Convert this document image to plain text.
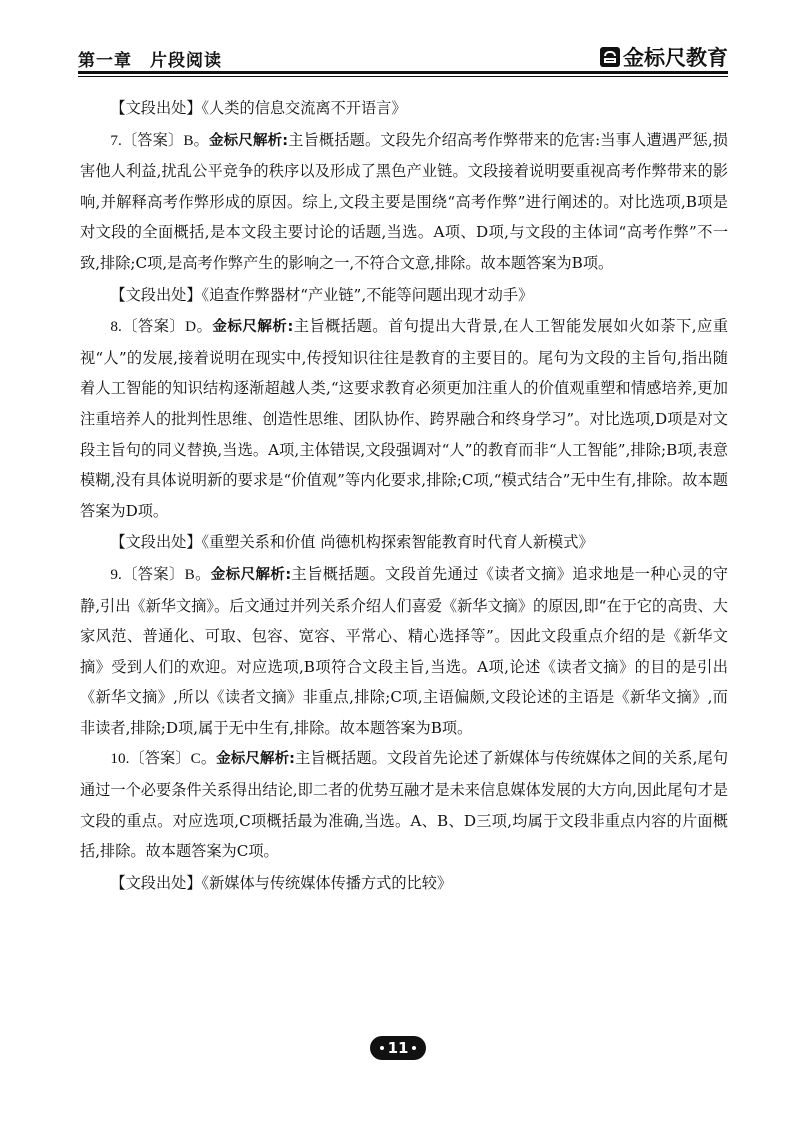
第一章 片段阅读	金标尺教育

【文段出处】《人类的信息交流离不开语言》

7.〔答案〕B。金标尺解析:主旨概括题。文段先介绍高考作弊带来的危害:当事人遭遇严惩,损害他人利益,扰乱公平竞争的秩序以及形成了黑色产业链。文段接着说明要重视高考作弊带来的影响,并解释高考作弊形成的原因。综上,文段主要是围绕“高考作弊”进行阐述的。对比选项,B项是对文段的全面概括,是本文段主要讨论的话题,当选。A项、D项,与文段的主体词“高考作弊”不一致,排除;C项,是高考作弊产生的影响之一,不符合文意,排除。故本题答案为B项。

【文段出处】《追查作弊器材“产业链”,不能等问题出现才动手》

8.〔答案〕D。金标尺解析:主旨概括题。首句提出大背景,在人工智能发展如火如荼下,应重视“人”的发展,接着说明在现实中,传授知识往往是教育的主要目的。尾句为文段的主旨句,指出随着人工智能的知识结构逐渐超越人类,“这要求教育必须更加注重人的价值观重塑和情感培养,更加注重培养人的批判性思维、创造性思维、团队协作、跨界融合和终身学习”。对比选项,D项是对文段主旨句的同义替换,当选。A项,主体错误,文段强调对“人”的教育而非“人工智能”,排除;B项,表意模糊,没有具体说明新的要求是“价值观”等内化要求,排除;C项,“模式结合”无中生有,排除。故本题答案为D项。

【文段出处】《重塑关系和价值 尚德机构探索智能教育时代育人新模式》

9.〔答案〕B。金标尺解析:主旨概括题。文段首先通过《读者文摘》追求地是一种心灵的守静,引出《新华文摘》。后文通过并列关系介绍人们喜爱《新华文摘》的原因,即“在于它的高贵、大家风范、普通化、可取、包容、宽容、平常心、精心选择等”。因此文段重点介绍的是《新华文摘》受到人们的欢迎。对应选项,B项符合文段主旨,当选。A项,论述《读者文摘》的目的是引出《新华文摘》,所以《读者文摘》非重点,排除;C项,主语偏颇,文段论述的主语是《新华文摘》,而非读者,排除;D项,属于无中生有,排除。故本题答案为B项。

10.〔答案〕C。金标尺解析:主旨概括题。文段首先论述了新媒体与传统媒体之间的关系,尾句通过一个必要条件关系得出结论,即二者的优势互融才是未来信息媒体发展的大方向,因此尾句才是文段的重点。对应选项,C项概括最为准确,当选。A、B、D三项,均属于文段非重点内容的片面概括,排除。故本题答案为C项。

【文段出处】《新媒体与传统媒体传播方式的比较》

11
